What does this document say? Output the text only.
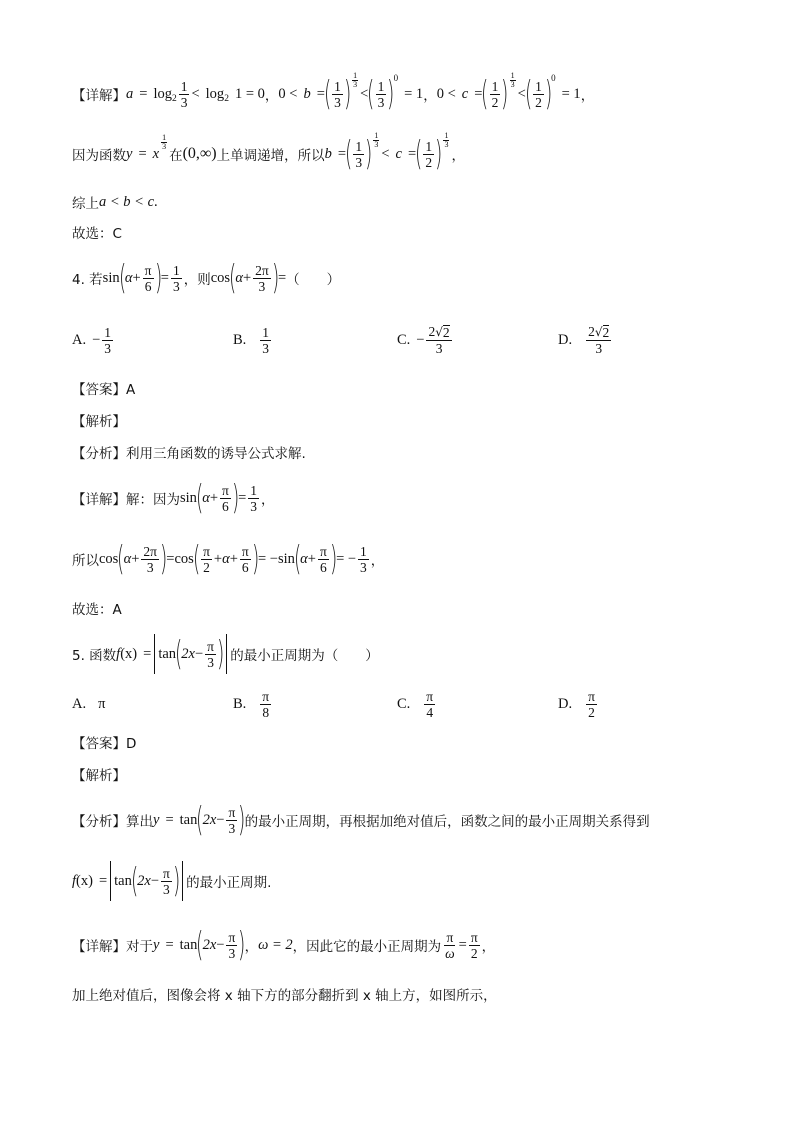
【详解】 $a = \log 2 \frac{1}{3} < \log 2$ 1 = 0 ， 0 < b =
( $\frac{1}{3}$ ) $\frac{1}{3}$
<
( $\frac{1}{3}$ )
0
= 1 ， 0 < c =
( $\frac{1}{2}$ ) $\frac{1}{3}$
<
( $\frac{1}{2}$ )
0
= 1 ，
因为函数 y = x
$\frac{1}{3}$
在 (0,∞) 上单调递增，所以 b =
( $\frac{1}{3}$ ) $\frac{1}{3}$
< c =
( $\frac{1}{2}$ ) $\frac{1}{3}$
，
综上 a < b < c .
故选：C
4. 若 sin
(
$\alpha + \frac{\pi}{6}$ )
= $\frac{1}{3}$ ，则 cos
(
$\alpha + \frac{2\pi}{3}$ )
= （　　）
A. − $\frac{1}{3}$	B. $\frac{1}{3}$	C. − $\frac{2 √ 2}{3}$	D. $\frac{2 √ 2}{3}$
【答案】A
【解析】
【分析】利用三角函数的诱导公式求解.
【详解】解：因为 sin
(
$\alpha + \frac{\pi}{6}$ )
= $\frac{1}{3}$ ，
所以 cos
(
$\alpha + \frac{2\pi}{3}$ )
= cos
( $\frac{\pi}{2} + \alpha + \frac{\pi}{6}$ )
= −sin
(
$\alpha + \frac{\pi}{6}$ )
= − $\frac{1}{3}$ ，
故选：A
5. 函数 f (x) = tan
(
$2x - \frac{\pi}{3}$ ) 的最小正周期为（　　）
A. π	B. $\frac{\pi}{8}$	C. $\frac{\pi}{4}$	D. $\frac{\pi}{2}$
【答案】D
【解析】
【分析】算出 y = tan
(
$2x - \frac{\pi}{3}$ )
的最小正周期，再根据加绝对值后，函数之间的最小正周期关系得到
f (x) = tan
(
$2x - \frac{\pi}{3}$ ) 的最小正周期.
【详解】对于 y = tan
(
$2x - \frac{\pi}{3}$ )
， ω = 2 ，因此它的最小正周期为 $\frac{\pi}{\omega} = \frac{\pi}{2}$ ，
加上绝对值后，图像会将 x 轴下方的部分翻折到 x 轴上方，如图所示，
